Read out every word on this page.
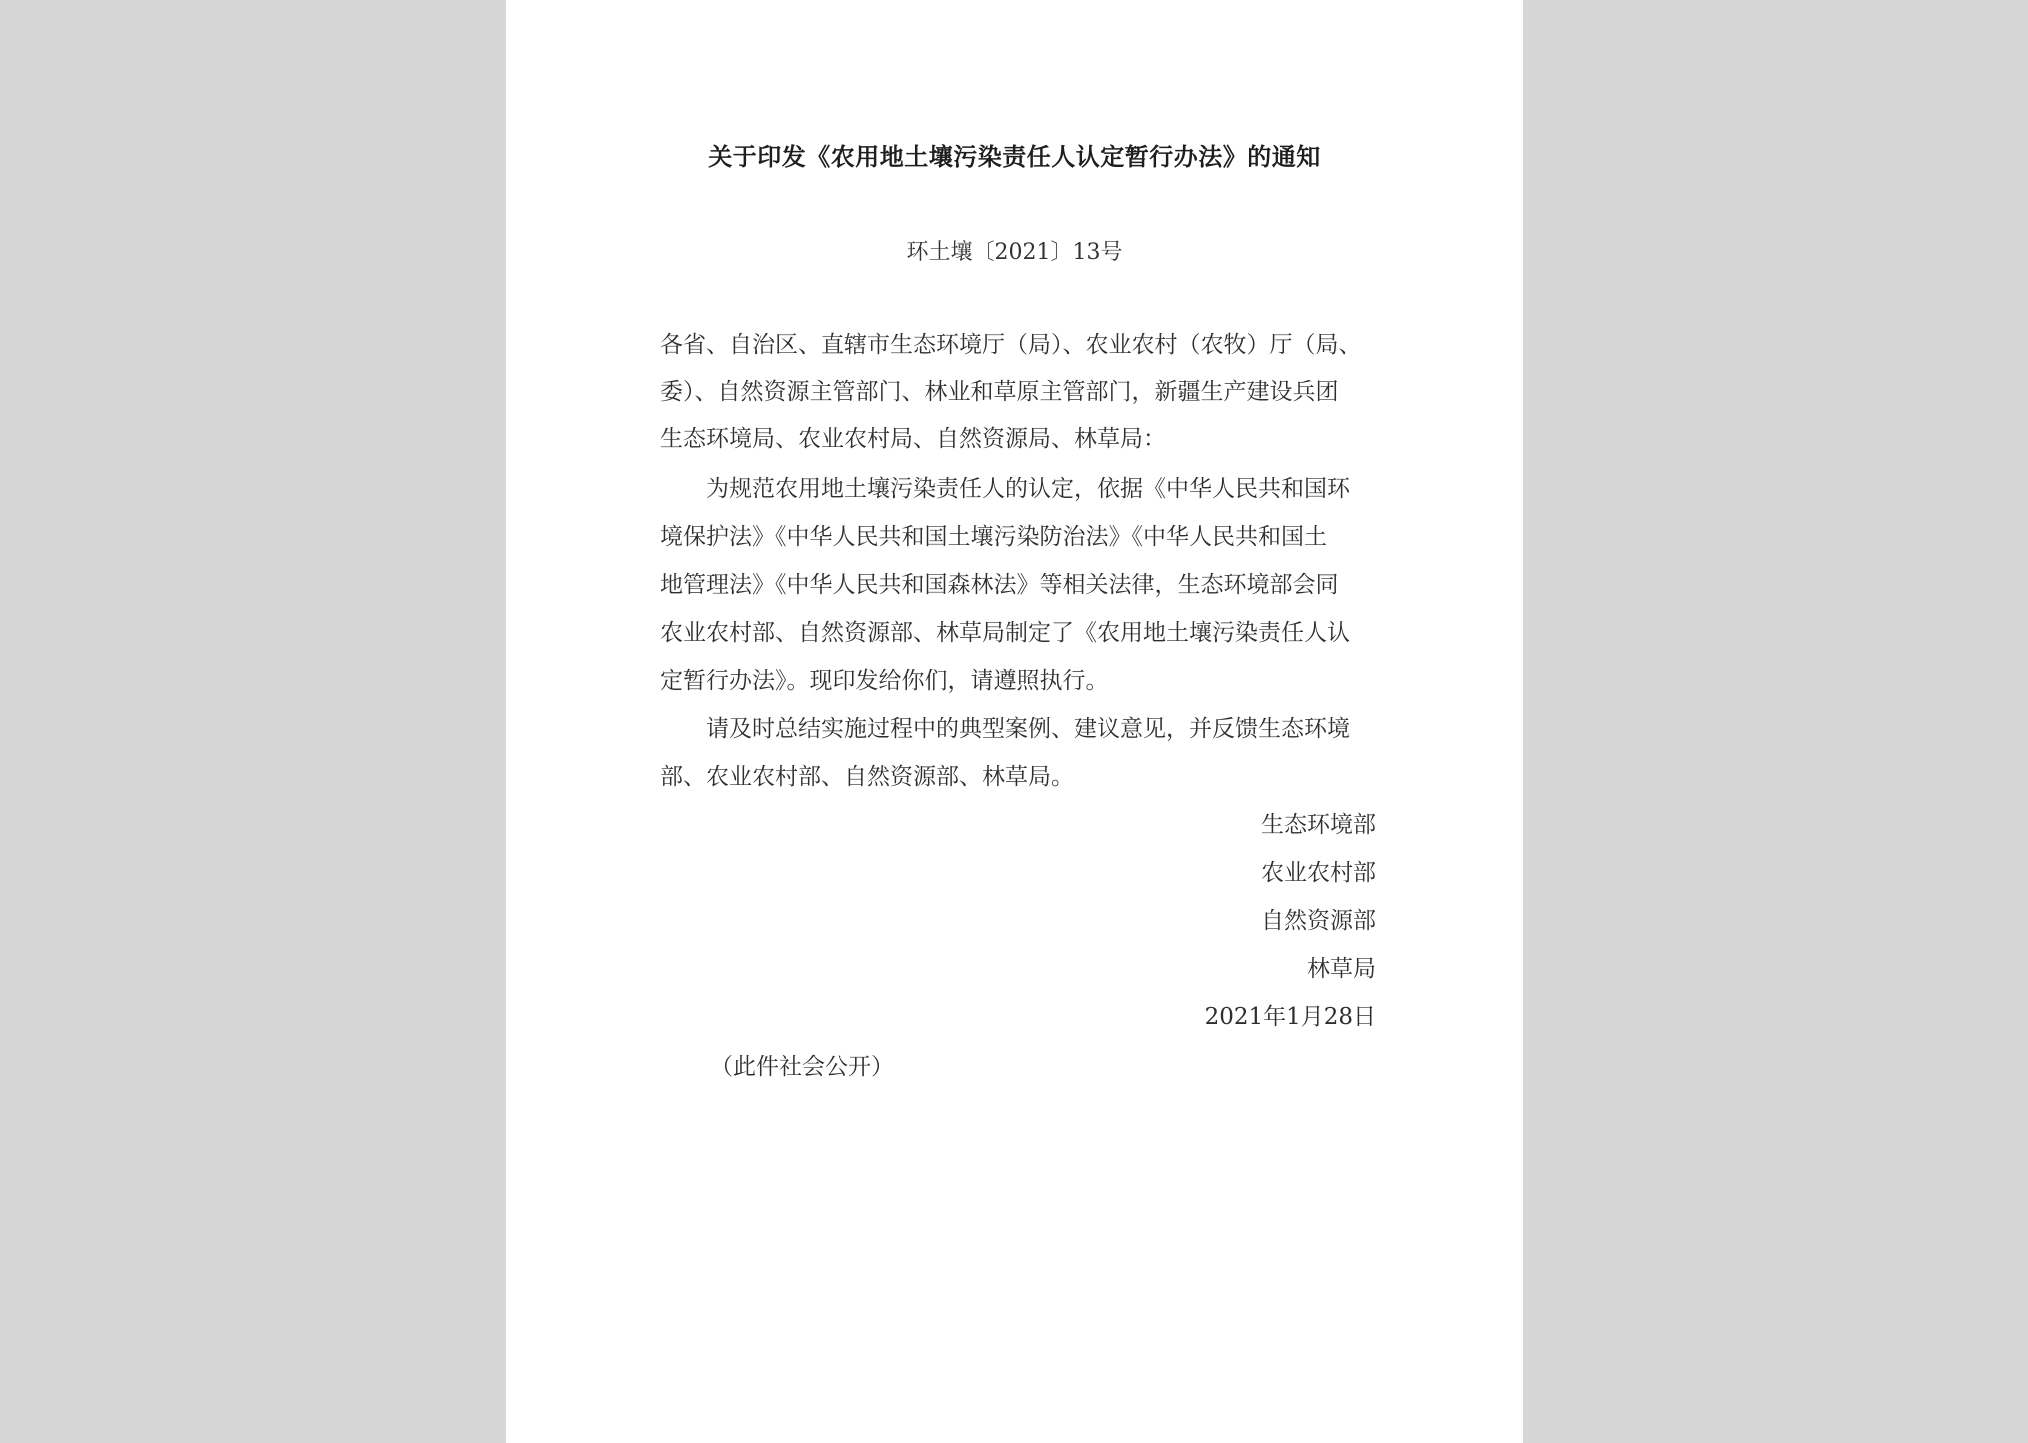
关于印发《农用地土壤污染责任人认定暂行办法》的通知
环土壤〔2021〕13号
各省、自治区、直辖市生态环境厅（局）、农业农村（农牧）厅（局、
委）、自然资源主管部门、林业和草原主管部门，新疆生产建设兵团
生态环境局、农业农村局、自然资源局、林草局：
　　为规范农用地土壤污染责任人的认定，依据《中华人民共和国环
境保护法》《中华人民共和国土壤污染防治法》《中华人民共和国土
地管理法》《中华人民共和国森林法》等相关法律，生态环境部会同
农业农村部、自然资源部、林草局制定了《农用地土壤污染责任人认
定暂行办法》。现印发给你们，请遵照执行。
　　请及时总结实施过程中的典型案例、建议意见，并反馈生态环境
部、农业农村部、自然资源部、林草局。
生态环境部
农业农村部
自然资源部
林草局
2021年1月28日
（此件社会公开）
